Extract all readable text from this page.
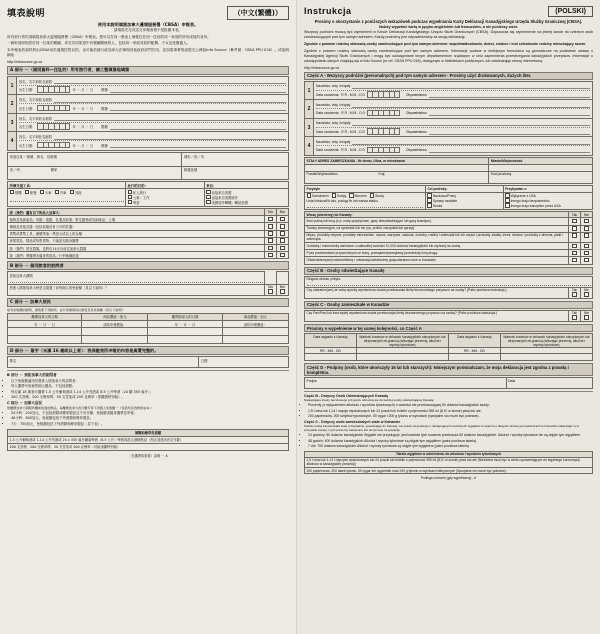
填表說明	（中文(繁體)）
使用本說明填寫加拿大邊境服務署（CBSA）申報表。
請填寫充足或送交申報表格不是批額本表。
所有旅行者均須填寫加拿大邊境服務署（CBSA）申報表。您可以在同一張表上填報住在同一住址的同一家庭的所有成員的身份。
一個家庭即指居於同一住址的親屬，或在共同旅遊中有親屬關係的人，包括同一家庭成員的配偶、子女及受撫養人。
本申報表的資料將由CBSA用於邊境控管目的，也可能依據行政加拿大法律與其他政府部門共用，並如果事實的請提交公務給Info Source（參考號：CBSA PPU 018）。或說明網址：
http://infosource.gc.ca
A 部分 －（個別資料—住址的）所有旅行者，請工整填寫地填寫
1
姓名、名字和姓名縮寫
出生日期：	年 － 月 － 日 國籍
2
姓名、名字和姓名縮寫
出生日期：	年 － 月 － 日 國籍
3
姓名、名字和姓名縮寫
出生日期：	年 － 月 － 日 國籍
4
姓名、名字和姓名縮寫
出生日期：	年 － 月 － 日 國籍
家庭住址－街號、街名、信箱號	城市／省／市

省／州 國家	郵遞區號
所乘交通工具：	此行的目的：	來自：

飛機	船隻	火車	汽車	其他	私人旅行
公事／工作
學習

直接來自美國
直接來自美國境外
美國境外轉機／轉抵美國
我（我們）攜有以下物品入加拿大：	Tak	Nie
植物及其副產品；肉類／禽類、乳製品和蛋；野生動物或其副產品；土壤		
槍械及其他武器（包括氣槍及有刀刃的武器）		
貨幣或貨幣工具，總額等值一萬加元或以上的金額		
商業貨品、樣品或待售貨物，不論是否隨身攜帶		
我（我們）曾在農場，並將在14天內前往加拿大農場		
我（我們）將攜帶未隨身的貨品／行李後續抵達		
B 部分 － 個別旅客的訪問者
居留加拿大期間

您進入國境加拿大時是否超過了前每個人的免稅額（見以下說明）？	Tak	Nie

C 部分 － 加拿大居民
如有免稅額的說明，請依照下列說明，並分別填寫每位旅客及其免稅額（見以下說明）：
離開加拿大的日期	商品價值－加元	離開加拿大的日期	商品價值－加元
年 － 月 － 日	請依申報價值：	年 － 月 － 日	請依申報價值：

D 部分 － 簽字（未滿 16 歲或以上者）：我保證我所申報的內容是真實完整的。
簽名	日期
B 部分 － 到訪加拿大的訪問者
• 以下免稅額適用於獲准入境加拿大的訪問者：
• 每人攜帶可免稅的個人贈品，不包括酒類；
• 每位滿 18 歲者可攜帶 1.5 公升葡萄酒或 1.14 公升烈酒或 8.5 公升啤酒（24 罐 355 毫升）；
• 200 支香煙、200 支煙草棒、50 支雪茄或 200 克煙草（需繳納特別稅）。
C 部分 － 加拿大居民
您離開加拿大期間所購或收到的物品，每離開加拿大的日數可享下列個人免稅額一（包括所有食物的成本）：
• 24小時：200加元，不包括酒類或煙草製品且不可分額；免稅額須隨身攜帶並申報；
• 48小時：800加元，免稅額包括下列酒類和煙草製品；
• 7天：750加元，免稅額包括下列酒類和煙草製品（見下表）。
酒類和煙草免稅額
1.5 公升葡萄酒或 1.14 公升烈酒或 24 x 355 毫升罐裝啤酒（8.5 公升）啤酒或混合酒精飲品（您必須達到法定年齡）
200 支香煙、200 支煙草棒、50 支雪茄或 200 克煙草（可能須繳特別稅）
（在攜帶如需要）說明 － A
Instrukcja	(POLSKI)
Prosimy o skorzystanie z poniższych wskazówek podczas wypełniania Karty Deklaracji Kanadyjskiego Urzędu Służby Granicznej (CBSA).
Należy wypełnić kartę w języku angielskim lub francuskim, a nie poniższy wzór.
Wszyscy podróżni muszą być wymienieni w Karcie Deklaracji Kanadyjskiego Urzędu Służb Granicznych (CBSA). Dopuszcza się wymienienie na jednej karcie do czterech osób zamieszkujących pod tym samym adresem. Każdy podróżny jest odpowiedzialny za swoją deklarację.
Zgodnie z prawem rodzinę stanowią osoby zamieszkujące pod tym samym adresem: współmałżonkowie, dzieci, rodzice i inni członkowie rodziny mieszkający razem.
Zgodnie z prawem rodzinę stanowią osoby zamieszkujące pod tym samym adresem. Informacje podane w niniejszym formularzu są gromadzone na podstawie ustawy o Kanadyjskiej Agencji Służb Granicznych i mogą być udostępniane innym departamentom rządowym w celu zapewnienia przestrzegania kanadyjskich przepisów. Informacje o udostępnianiu danych znajdują się w Info Source (nr ref. CBSA PPU 018), dostępnym w bibliotekach publicznych, lub odwiedzając stronę internetową:
http://infosource.gc.ca
Część A - Wszyscy podróżni (personalnych) pod tym samym adresem - Prosimy użyć drukowanych, dużych liter.
1
Nazwisko, imię i inicjały
Data urodzenia: R R - M M - D D	Obywatelstwo:
2
Nazwisko, imię i inicjały
Data urodzenia: R R - M M - D D	Obywatelstwo:
3
Nazwisko, imię i inicjały
Data urodzenia: R R - M M - D D	Obywatelstwo:
4
Nazwisko, imię i inicjały
Data urodzenia: R R - M M - D D	Obywatelstwo:
STAŁY ADRES ZAMIESZKANIA - Nr domu, Ulica, nr mieszkania	Miasto/Miejscowość

Powiat/Województwo Kraj	Kod pocztowy
Przybyłe	Cel podróży:	Przybywam z:

Samolotem	Koleją	Morzem	Sirotą
Linia lotnicza/Nr lotu, pociąg Nr lub nazwa statku

Naukowo/Pracy
Sprawy osobiste
Studia

Wyłącznie z USA
Innego kraju bezpośrednio
Innego kraju tranzytem przez USA
Wiozę (wieziemy) do Kanady:	Tak	Nie
Broń palną lub inną (n.p. nożę sprężynowe, gazy obezwładniające lub gazy łzawiące).		
Towary komercyjne, na sprzedaż lub nie (np. próbki, narzędzia lub sprzęt).		
Mięso, produkty mięsne, produkty mleczarskie, owoce, warzywa, nasiona, orzechy, rośliny i zwierzęta lub ich części i produkty, kwiaty, ziemi, drewno i produkty z drewna, ptaki i zwierzęta.		
Gotówkę i instrumenty walutowe o całkowitej wartości 10,000 dolarów kanadyjskich lub wyższej na osobę.		
Poza przedmiotami przywożonymi ze sobą, przesyłam/przesyłamy przedmioty inną drogą.		
Odwiedziłem(am)/odwiedziliśmy i odwiedzę/odwiedzimy gospodarstwo rolne w Kanadzie.		
Część B - Osoby odwiedzające Kanadę
Długość okresu pobytu:

Czy zabrałem(am) ze sobą wyroby wymieniona osoba przekraczała limity bezzwrotnego przywozu na osobę? (Patrz poniższa instrukcja.)	Tak	Nie

Część C - Osoby zamieszkałe w Kanadzie
Czy Pan/Pani lub inna wyżej wymieniona osoba przekroczyła limity bezzwrotnego przywozu na osobę? (Patrz poniższa instrukcja.)	Tak	Nie

Prosimy o wypełnienie w tej samej kolejności, co Część A
Data wyjazdu z Kanady	Wartość towarów w dolarach kanadyjskich zakupionych lub otrzymanych za granicą (wliczając prezenty, alkohol i wyroby tytoniowe)	Data wyjazdu z Kanady	Wartość towarów w dolarach kanadyjskich zakupionych lub otrzymanych za granicą (wliczając prezenty, alkohol i wyroby tytoniowe)
RR - MM - DD		RR - MM - DD	

Część D - Podpisy (osób, które ukończyły 16 lat lub starszych): Niniejszym poświadczam, że moja deklaracja jest zgodna z prawdą i kompletna.
Podpis	Data
Część B - Dotyczy Osób Odwiedzających Kanadę
Następujące kwoty bezcłowego przywozu odnoszą się do każdej osoby odwiedzającej Kanadę:
• Prezenty (z wyłączeniem alkoholu i wyrobów tytoniowych) o wartości nie przekraczającej 60 dolarów kanadyjskich każdy;
• 1,5 l wina lub 1,14 l napoje wyskokowych lub 24 puszki lub butelki o pojemności 355 ml (8,5 l w sumie) piwa lub ale;
• 200 papierosów, 200 sztyftów tytoniowych, 50 cygar i 200 g tytoniu w wyrobach (specjalne cło może być pobrane).
Część C - Dotyczy osób zamieszkałych stale w Kanadzie
Każda osoba zamieszkała stale w Kanadzie, powracając do Kanady, ma prawo do jednego z następujących osobistych wyjątków w oparciu o długość okresu jej niedoborach w Kanadzie (włączając w to wszystkie towary i tych prezenty zakupione lub otrzymane za granicą):
• 24 godziny: 50 dolarów kanadyjskich Wyjątek nie przysługuje, jeśli wartość tych towarów przekracza 50 dolarów kanadyjskich. Alkohol i wyroby tytoniowe nie są objęte tym wyjątkiem.
• 48 godzin: 400 dolarów kanadyjskich Alkohol i wyroby tytoniowe są objęte tym wyjątkiem (patrz poniższa tabela).
• 7 dni: 750 dolarów kanadyjskich Alkohol i wyroby tytoniowe są objęte tym wyjątkiem (patrz poniższa tabela).
Tabela wyjątków w odniesieniu do alkoholu i wyrobów tytoniowych
1,5 l wina lub 1,14 l napojów wyskokowych lub 24 puszki lub butelki o pojemności 355 ml (8,5 l w sumie) piwa lub ale (Nietrzeba musi być w wieku uprawniającym do legalnego konsumpcji - alkoholu w kanadyjskiej prowincji)
200 papierosów, 200 lasek tytoniu, 50 cygar lub cygaretek oraz 200 g tytoniu w wyrobach fabrycznych (Specjalne cło może być pobrane).
Podłoga ochronie (gdy wypełniamy) - A
